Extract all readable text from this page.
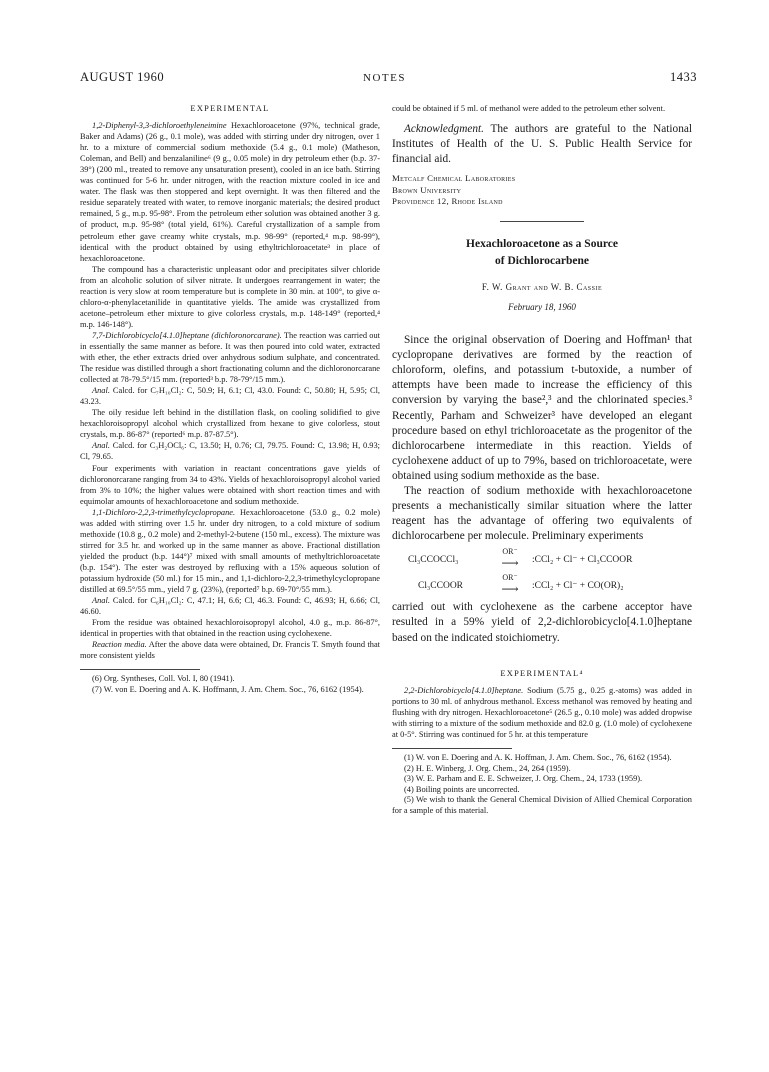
AUGUST 1960	NOTES	1433
EXPERIMENTAL

1,2-Diphenyl-3,3-dichloroethyleneimine Hexachloroacetone (97%, technical grade, Baker and Adams) (26 g., 0.1 mole), was added with stirring under dry nitrogen, over 1 hr. to a mixture of commercial sodium methoxide (5.4 g., 0.1 mole) (Matheson, Coleman, and Bell) and benzalaniline⁶ (9 g., 0.05 mole) in dry petroleum ether (b.p. 37-39°) (200 ml., treated to remove any unsaturation present), cooled in an ice bath. Stirring was continued for 5-6 hr. under nitrogen, with the reaction mixture cooled in ice and water. The flask was then stoppered and kept overnight. It was then filtered and the residue separately treated with water, to remove inorganic materials; the desired product remained, 5 g., m.p. 95-98°. From the petroleum ether solution was obtained another 3 g. of product, m.p. 95-98° (total yield, 61%). Careful crystallization of a sample from petroleum ether gave creamy white crystals, m.p. 98-99° (reported,⁴ m.p. 98-99°), identical with the product obtained by using ethyltrichloroacetate³ in place of hexachloroacetone.

The compound has a characteristic unpleasant odor and precipitates silver chloride from an alcoholic solution of silver nitrate. It undergoes rearrangement in water; the reaction is very slow at room temperature but is complete in 30 min. at 100°, to give α-chloro-α-phenylacetanilide in quantitative yields. The amide was crystallized from acetone–petroleum ether mixture to give colorless crystals, m.p. 148-149° (reported,⁴ m.p. 146-148°).

7,7-Dichlorobicyclo[4.1.0]heptane (dichloronorcarane). The reaction was carried out in essentially the same manner as before. It was then poured into cold water, extracted with ether, the ether extracts dried over anhydrous sodium sulphate, and concentrated. The residue was distilled through a short fractionating column and the dichloronorcarane collected at 78-79.5°/15 mm. (reported³ b.p. 78-79°/15 mm.).

Anal. Calcd. for C₇H₁₀Cl₂: C, 50.9; H, 6.1; Cl, 43.0. Found: C, 50.80; H, 5.95; Cl, 43.23.

The oily residue left behind in the distillation flask, on cooling solidified to give hexachloroisopropyl alcohol which crystallized from hexane to give colorless, stout crystals, m.p. 86-87° (reported⁶ m.p. 87-87.5°).

Anal. Calcd. for C₃H₂OCl₆: C, 13.50; H, 0.76; Cl, 79.75. Found: C, 13.98; H, 0.93; Cl, 79.65.

Four experiments with variation in reactant concentrations gave yields of dichloronorcarane ranging from 34 to 43%. Yields of hexachloroisopropyl alcohol varied from 3% to 10%; the higher values were obtained with short reaction times and with equimolar amounts of hexachloroacetone and sodium methoxide.

1,1-Dichloro-2,2,3-trimethylcyclopropane. Hexachloroacetone (53.0 g., 0.2 mole) was added with stirring over 1.5 hr. under dry nitrogen, to a cold mixture of sodium methoxide (10.8 g., 0.2 mole) and 2-methyl-2-butene (150 ml., excess). The mixture was stirred for 3.5 hr. and worked up in the same manner as above. Fractional distillation yielded the product (b.p. 144°)⁷ mixed with small amounts of methyltrichloroacetate (b.p. 154°). The ester was destroyed by refluxing with a 15% aqueous solution of potassium hydroxide (50 ml.) for 15 min., and 1,1-dichloro-2,2,3-trimethylcyclopropane distilled at 69.5°/55 mm., yield 7 g. (23%), (reported⁷ b.p. 69-70°/55 mm.).

Anal. Calcd. for C₆H₁₀Cl₂: C, 47.1; H, 6.6; Cl, 46.3. Found: C, 46.93; H, 6.66; Cl, 46.60.

From the residue was obtained hexachloroisopropyl alcohol, 4.0 g., m.p. 86-87°, identical in properties with that obtained in the reaction using cyclohexene.

Reaction media. After the above data were obtained, Dr. Francis T. Smyth found that more consistent yields

(6) Org. Syntheses, Coll. Vol. I, 80 (1941).

(7) W. von E. Doering and A. K. Hoffmann, J. Am. Chem. Soc., 76, 6162 (1954).

could be obtained if 5 ml. of methanol were added to the petroleum ether solvent.

Acknowledgment. The authors are grateful to the National Institutes of Health of the U. S. Public Health Service for financial aid.

Metcalf Chemical Laboratories
Brown University
Providence 12, Rhode Island
Hexachloroacetone as a Source
of Dichlorocarbene
F. W. Grant and W. B. Cassie
February 18, 1960

Since the original observation of Doering and Hoffman¹ that cyclopropane derivatives are formed by the reaction of chloroform, olefins, and potassium t-butoxide, a number of attempts have been made to increase the efficiency of this conversion by varying the base²,³ and the chlorinated species.³ Recently, Parham and Schweizer³ have developed an elegant procedure based on ethyl trichloroacetate as the progenitor of the dichlorocarbene intermediate in this reaction. Yields of cyclohexene adduct of up to 79%, based on trichloroacetate, were obtained using sodium methoxide as the base.

The reaction of sodium methoxide with hexachloroacetone presents a mechanistically similar situation where the latter reagent has the advantage of offering two equivalents of dichlorocarbene per molecule. Preliminary experiments

Cl₃CCOCCl₃
OR⁻
⟶	:CCl₂ + Cl⁻ + Cl₃CCOOR
Cl₃CCOOR
OR⁻
⟶	:CCl₂ + Cl⁻ + CO(OR)₂

carried out with cyclohexene as the carbene acceptor have resulted in a 59% yield of 2,2-dichlorobicyclo[4.1.0]heptane based on the indicated stoichiometry.

EXPERIMENTAL⁴

2,2-Dichlorobicyclo[4.1.0]heptane. Sodium (5.75 g., 0.25 g.-atoms) was added in portions to 30 ml. of anhydrous methanol. Excess methanol was removed by heating and flushing with dry nitrogen. Hexachloroacetone⁵ (26.5 g., 0.10 mole) was added dropwise with stirring to a mixture of the sodium methoxide and 82.0 g. (1.0 mole) of cyclohexene at 0-5°. Stirring was continued for 5 hr. at this temperature

(1) W. von E. Doering and A. K. Hoffman, J. Am. Chem. Soc., 76, 6162 (1954).

(2) H. E. Winberg, J. Org. Chem., 24, 264 (1959).

(3) W. E. Parham and E. E. Schweizer, J. Org. Chem., 24, 1733 (1959).

(4) Boiling points are uncorrected.

(5) We wish to thank the General Chemical Division of Allied Chemical Corporation for a sample of this material.
